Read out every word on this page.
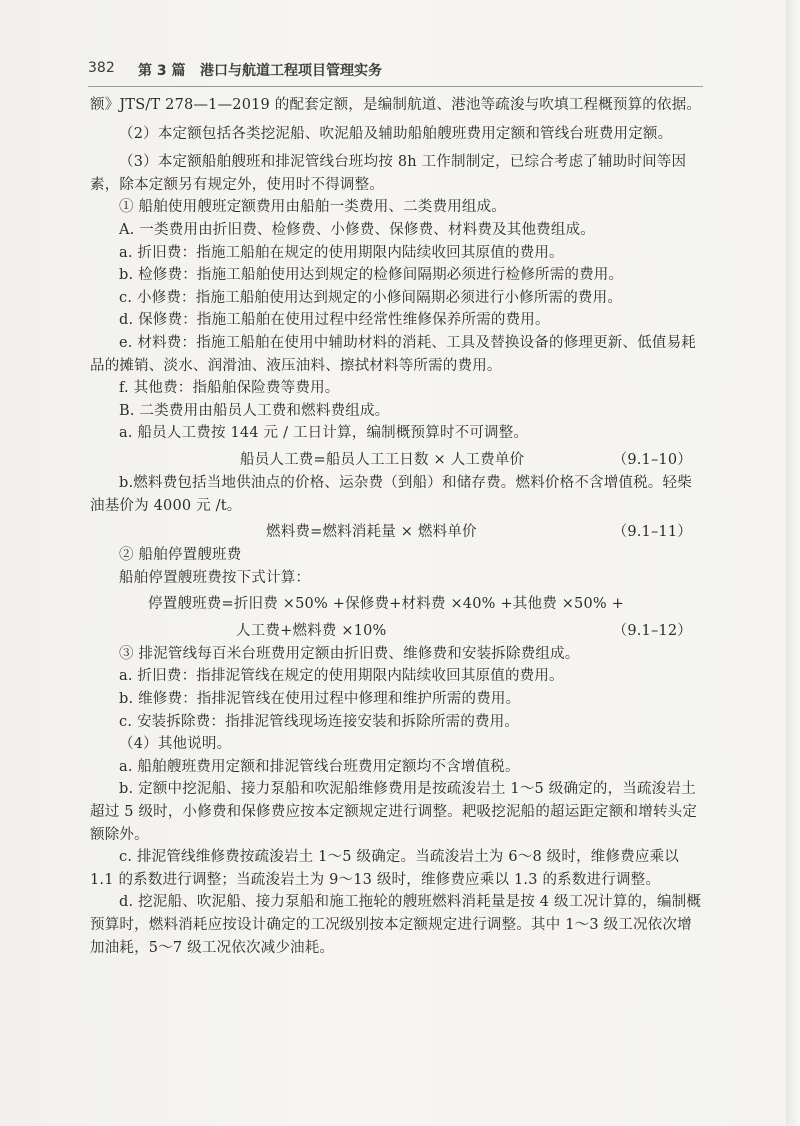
382 第 3 篇 港口与航道工程项目管理实务

额》JTS/T 278—1—2019 的配套定额，是编制航道、港池等疏浚与吹填工程概预算的依据。

（2）本定额包括各类挖泥船、吹泥船及辅助船舶艘班费用定额和管线台班费用定额。

（3）本定额船舶艘班和排泥管线台班均按 8h 工作制制定，已综合考虑了辅助时间等因素，除本定额另有规定外，使用时不得调整。

① 船舶使用艘班定额费用由船舶一类费用、二类费用组成。

A. 一类费用由折旧费、检修费、小修费、保修费、材料费及其他费组成。

a. 折旧费：指施工船舶在规定的使用期限内陆续收回其原值的费用。

b. 检修费：指施工船舶使用达到规定的检修间隔期必须进行检修所需的费用。

c. 小修费：指施工船舶使用达到规定的小修间隔期必须进行小修所需的费用。

d. 保修费：指施工船舶在使用过程中经常性维修保养所需的费用。

e. 材料费：指施工船舶在使用中辅助材料的消耗、工具及替换设备的修理更新、低值易耗品的摊销、淡水、润滑油、液压油料、擦拭材料等所需的费用。

f. 其他费：指船舶保险费等费用。

B. 二类费用由船员人工费和燃料费组成。

a. 船员人工费按 144 元 / 工日计算，编制概预算时不可调整。

船员人工费=船员人工工日数 × 人工费单价	（9.1–10）

b.燃料费包括当地供油点的价格、运杂费（到船）和储存费。燃料价格不含增值税。轻柴油基价为 4000 元 /t。

燃料费=燃料消耗量 × 燃料单价	（9.1–11）

② 船舶停置艘班费

船舶停置艘班费按下式计算：

停置艘班费=折旧费 ×50% +保修费+材料费 ×40% +其他费 ×50% +

人工费+燃料费 ×10%	（9.1–12）

③ 排泥管线每百米台班费用定额由折旧费、维修费和安装拆除费组成。

a. 折旧费：指排泥管线在规定的使用期限内陆续收回其原值的费用。

b. 维修费：指排泥管线在使用过程中修理和维护所需的费用。

c. 安装拆除费：指排泥管线现场连接安装和拆除所需的费用。

（4）其他说明。

a. 船舶艘班费用定额和排泥管线台班费用定额均不含增值税。

b. 定额中挖泥船、接力泵船和吹泥船维修费用是按疏浚岩土 1～5 级确定的，当疏浚岩土超过 5 级时，小修费和保修费应按本定额规定进行调整。耙吸挖泥船的超运距定额和增转头定额除外。

c. 排泥管线维修费按疏浚岩土 1～5 级确定。当疏浚岩土为 6～8 级时，维修费应乘以 1.1 的系数进行调整；当疏浚岩土为 9～13 级时，维修费应乘以 1.3 的系数进行调整。

d. 挖泥船、吹泥船、接力泵船和施工拖轮的艘班燃料消耗量是按 4 级工况计算的，编制概预算时，燃料消耗应按设计确定的工况级别按本定额规定进行调整。其中 1～3 级工况依次增加油耗，5～7 级工况依次减少油耗。
